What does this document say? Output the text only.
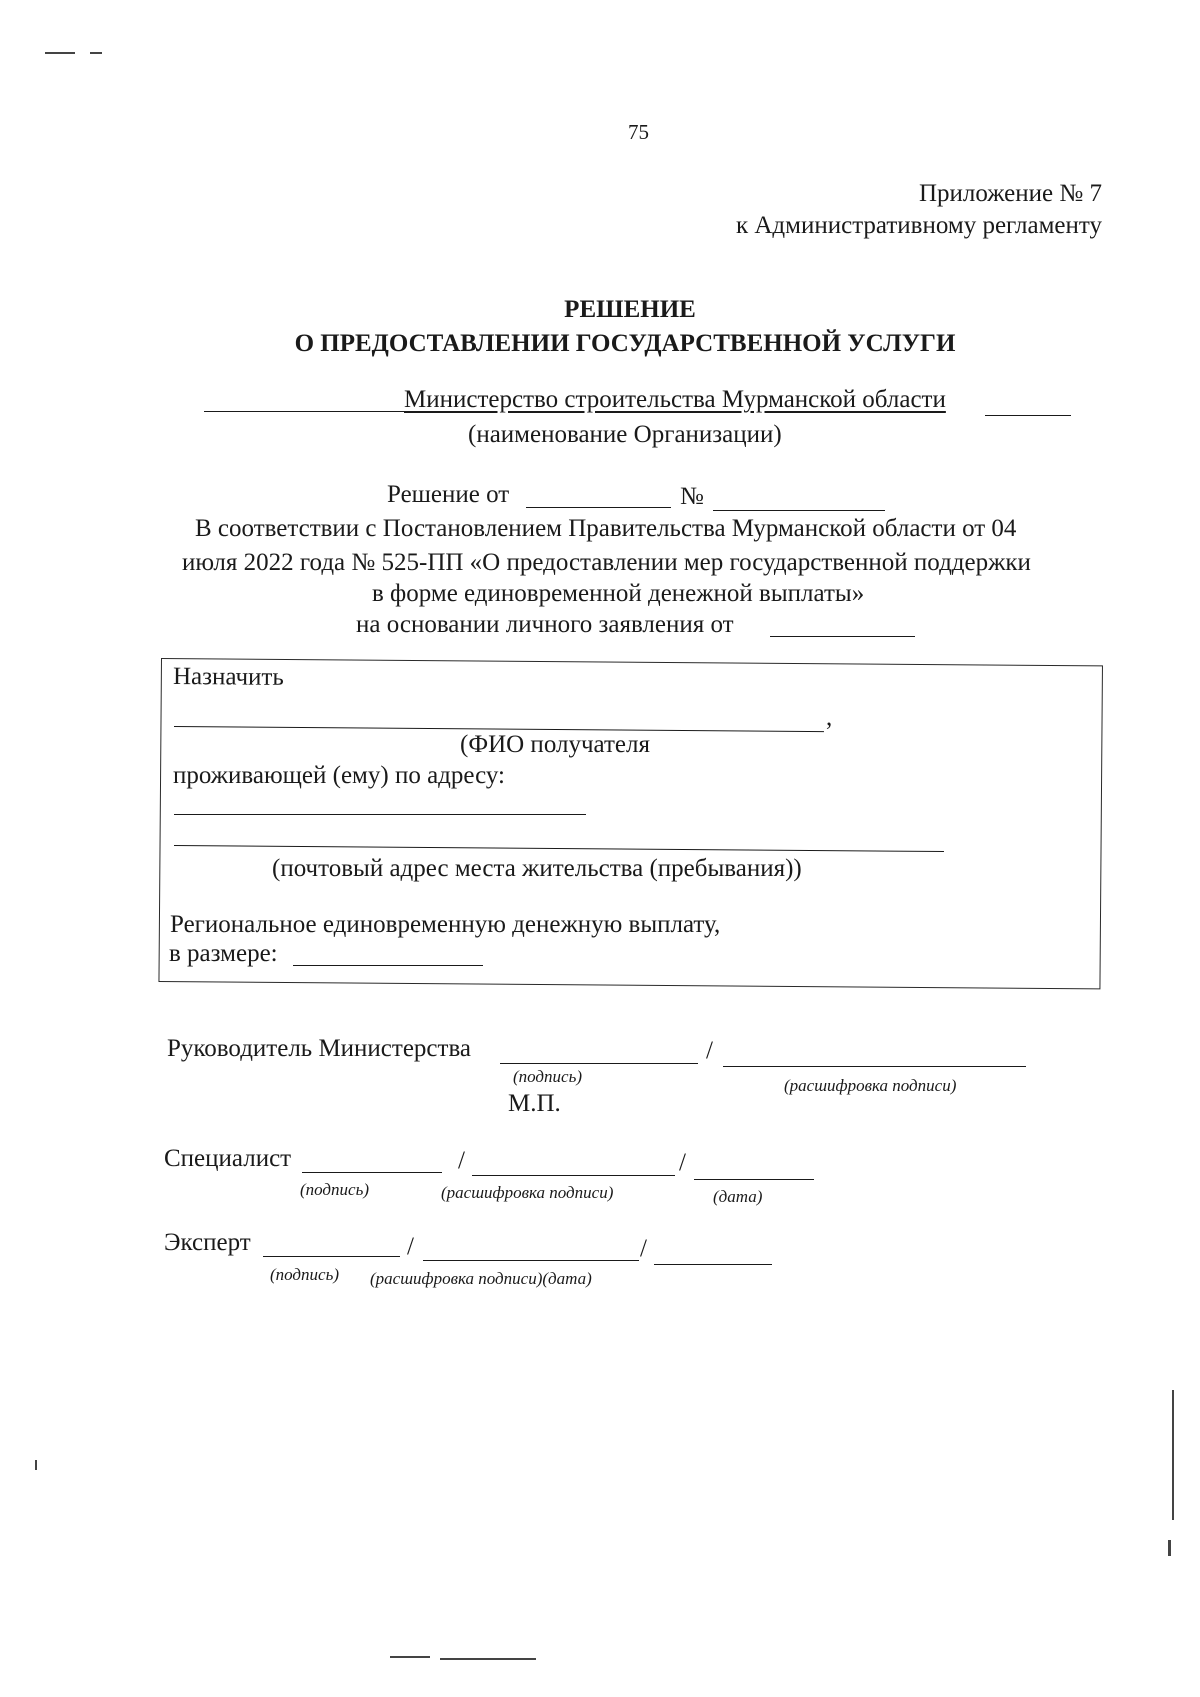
75
Приложение № 7
к Административному регламенту
РЕШЕНИЕ
О ПРЕДОСТАВЛЕНИИ ГОСУДАРСТВЕННОЙ УСЛУГИ
Министерство строительства Мурманской области
(наименование Организации)
Решение от	№
В соответствии с Постановлением Правительства Мурманской области от 04
июля 2022 года № 525-ПП «О предоставлении мер государственной поддержки
в форме единовременной денежной выплаты»
на основании личного заявления от
Назначить
,
(ФИО получателя
проживающей (ему) по адресу:
(почтовый адрес места жительства (пребывания))
Региональное единовременную денежную выплату,
в размере:
Руководитель Министерства	/
(подпись)	(расшифровка подписи)
М.П.
Специалист	/	/
(подпись)	(расшифровка подписи)	(дата)
Эксперт	/	/
(подпись) (расшифровка подписи)(дата)
